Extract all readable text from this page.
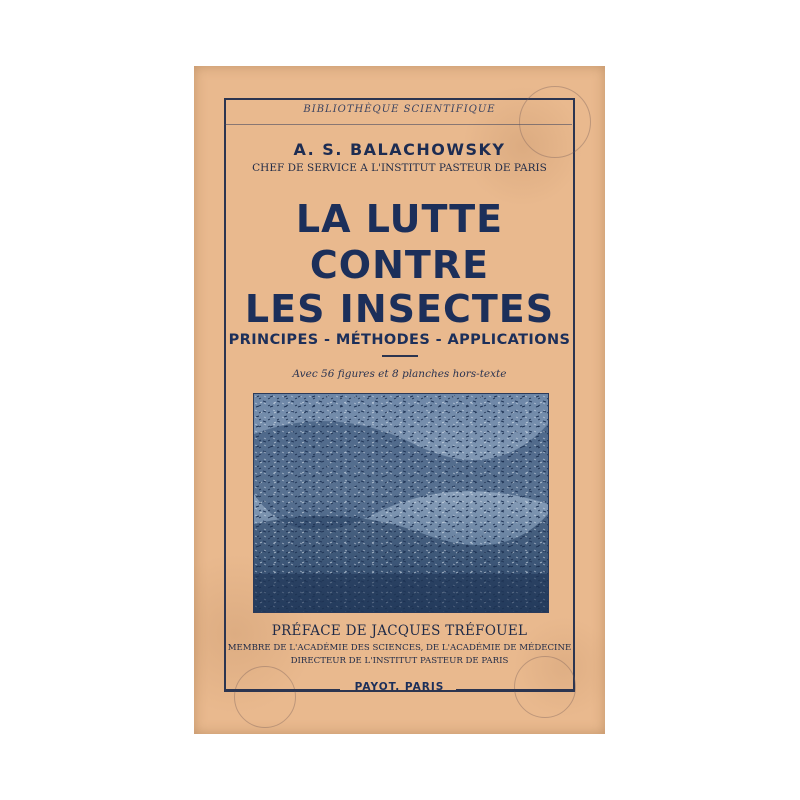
BIBLIOTHÈQUE SCIENTIFIQUE
A. S. BALACHOWSKY
CHEF DE SERVICE A L'INSTITUT PASTEUR DE PARIS
LA LUTTE
CONTRE
LES INSECTES
PRINCIPES - MÉTHODES - APPLICATIONS
Avec 56 figures et 8 planches hors-texte
PRÉFACE DE JACQUES TRÉFOUEL
MEMBRE DE L'ACADÉMIE DES SCIENCES, DE L'ACADÉMIE DE MÉDECINE
DIRECTEUR DE L'INSTITUT PASTEUR DE PARIS
PAYOT. PARIS
